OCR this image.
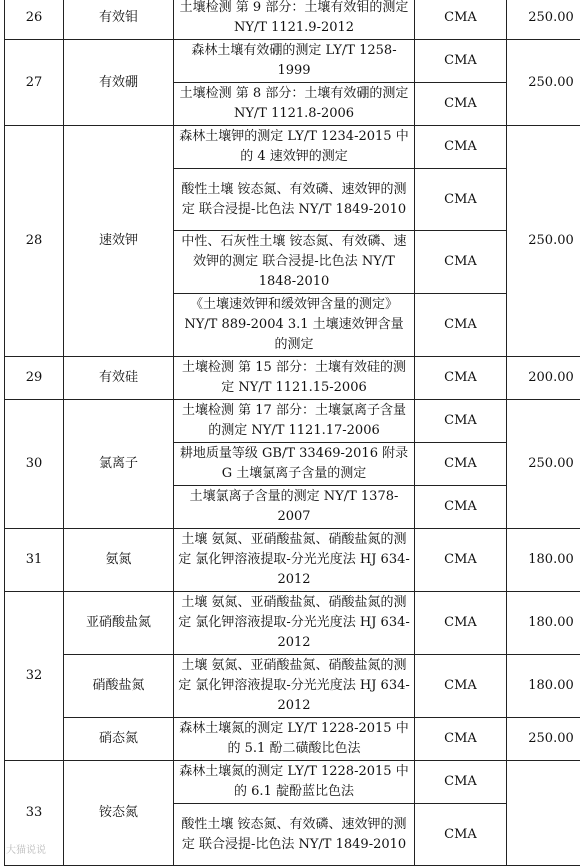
26	有效钼	土壤检测 第 9 部分：土壤有效钼的测定 NY/T 1121.9-2012	CMA	250.00
27	有效硼	森林土壤有效硼的测定 LY/T 1258-1999	CMA	250.00
		土壤检测 第 8 部分：土壤有效硼的测定 NY/T 1121.8-2006	CMA	
28	速效钾	森林土壤钾的测定 LY/T 1234-2015 中的 4 速效钾的测定	CMA	250.00
		酸性土壤 铵态氮、有效磷、速效钾的测定 联合浸提-比色法 NY/T 1849-2010	CMA	
		中性、石灰性土壤 铵态氮、有效磷、速效钾的测定 联合浸提-比色法 NY/T 1848-2010	CMA	
		《土壤速效钾和缓效钾含量的测定》 NY/T 889-2004 3.1 土壤速效钾含量的测定	CMA	
29	有效硅	土壤检测 第 15 部分：土壤有效硅的测定 NY/T 1121.15-2006	CMA	200.00
30	氯离子	土壤检测 第 17 部分：土壤氯离子含量的测定 NY/T 1121.17-2006	CMA	250.00
		耕地质量等级 GB/T 33469-2016 附录 G 土壤氯离子含量的测定	CMA	
		土壤氯离子含量的测定 NY/T 1378-2007	CMA	
31	氨氮	土壤 氨氮、亚硝酸盐氮、硝酸盐氮的测定 氯化钾溶液提取-分光光度法 HJ 634-2012	CMA	180.00
32	亚硝酸盐氮	土壤 氨氮、亚硝酸盐氮、硝酸盐氮的测定 氯化钾溶液提取-分光光度法 HJ 634-2012	CMA	180.00
	硝酸盐氮	土壤 氨氮、亚硝酸盐氮、硝酸盐氮的测定 氯化钾溶液提取-分光光度法 HJ 634-2012	CMA	180.00
	硝态氮	森林土壤氮的测定 LY/T 1228-2015 中的 5.1 酚二磺酸比色法	CMA	250.00
33	铵态氮	森林土壤氮的测定 LY/T 1228-2015 中的 6.1 靛酚蓝比色法	CMA	
		酸性土壤 铵态氮、有效磷、速效钾的测定 联合浸提-比色法 NY/T 1849-2010	CMA	
大猫说说
